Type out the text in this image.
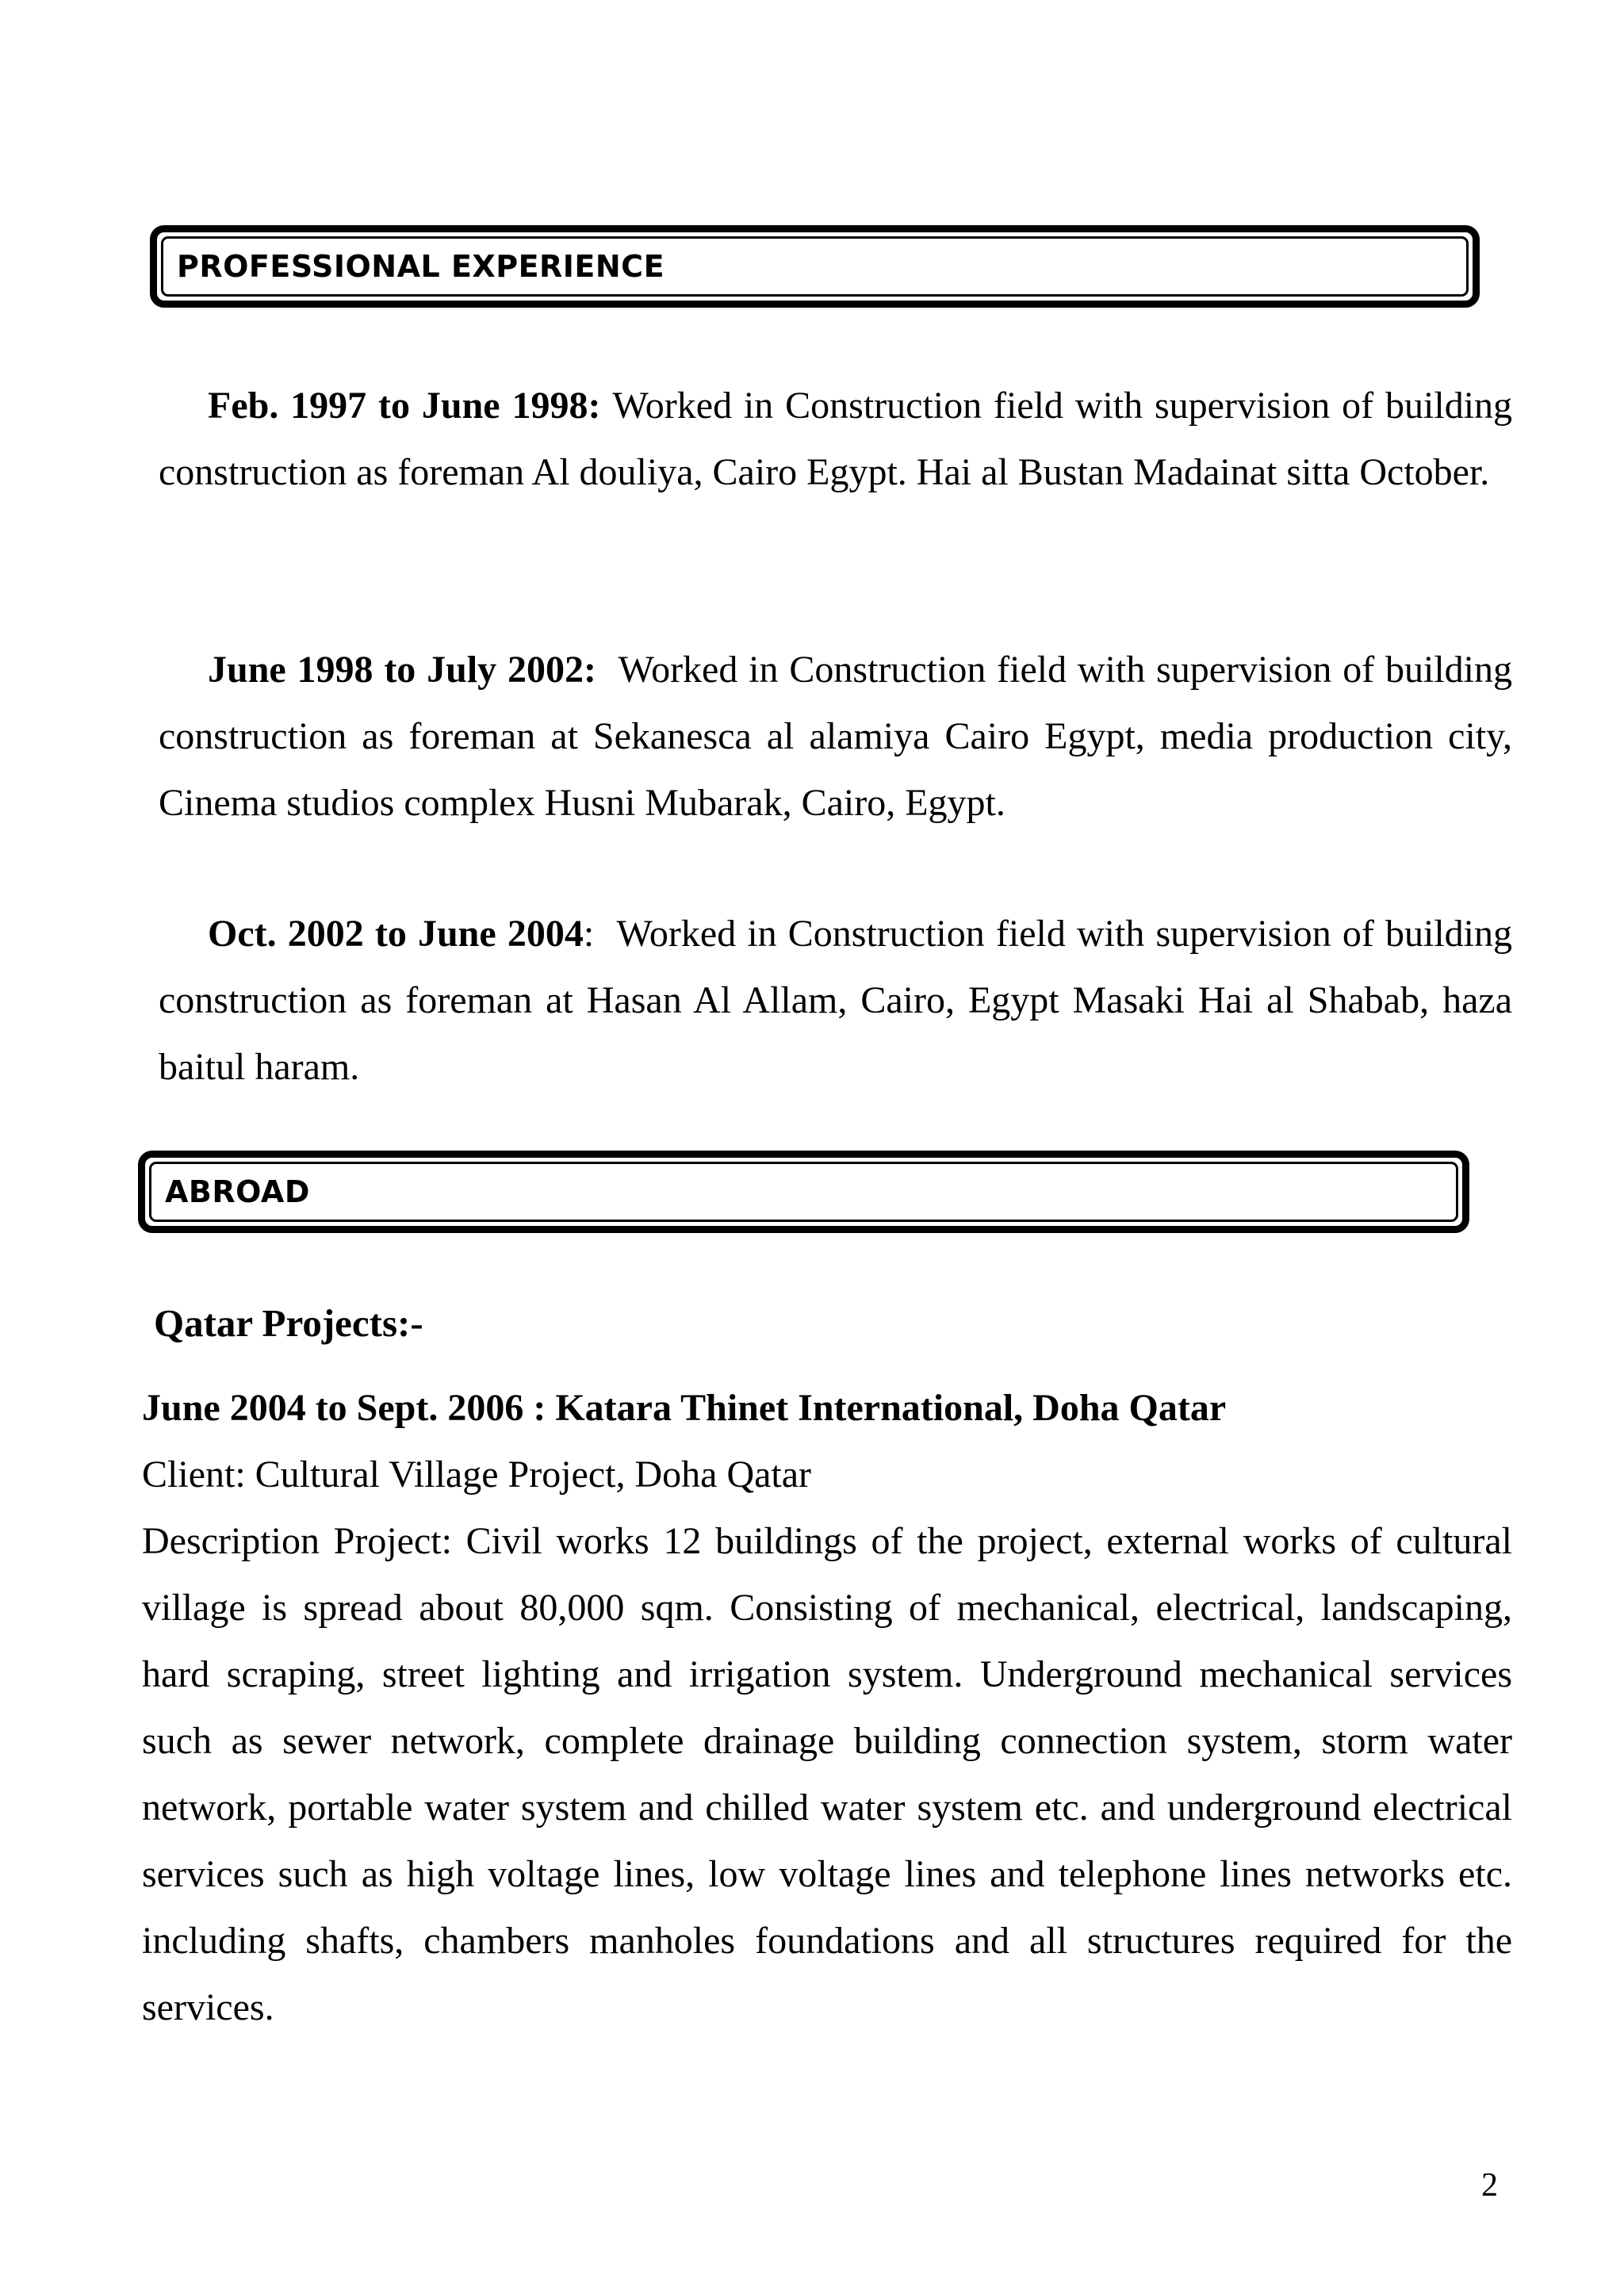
PROFESSIONAL EXPERIENCE

Feb. 1997 to June 1998: Worked in Construction field with supervision of building construction as foreman Al douliya, Cairo Egypt. Hai al Bustan Madainat sitta October.

June 1998 to July 2002: Worked in Construction field with supervision of building construction as foreman at Sekanesca al alamiya Cairo Egypt, media production city, Cinema studios complex Husni Mubarak, Cairo, Egypt.

Oct. 2002 to June 2004: Worked in Construction field with supervision of building construction as foreman at Hasan Al Allam, Cairo, Egypt Masaki Hai al Shabab, haza baitul haram.

ABROAD

Qatar Projects:-

June 2004 to Sept. 2006 : Katara Thinet International, Doha Qatar
Client: Cultural Village Project, Doha Qatar
Description Project: Civil works 12 buildings of the project, external works of cultural village is spread about 80,000 sqm. Consisting of mechanical, electrical, landscaping, hard scraping, street lighting and irrigation system. Underground mechanical services such as sewer network, complete drainage building connection system, storm water network, portable water system and chilled water system etc. and underground electrical services such as high voltage lines, low voltage lines and telephone lines networks etc. including shafts, chambers manholes foundations and all structures required for the services.
2
